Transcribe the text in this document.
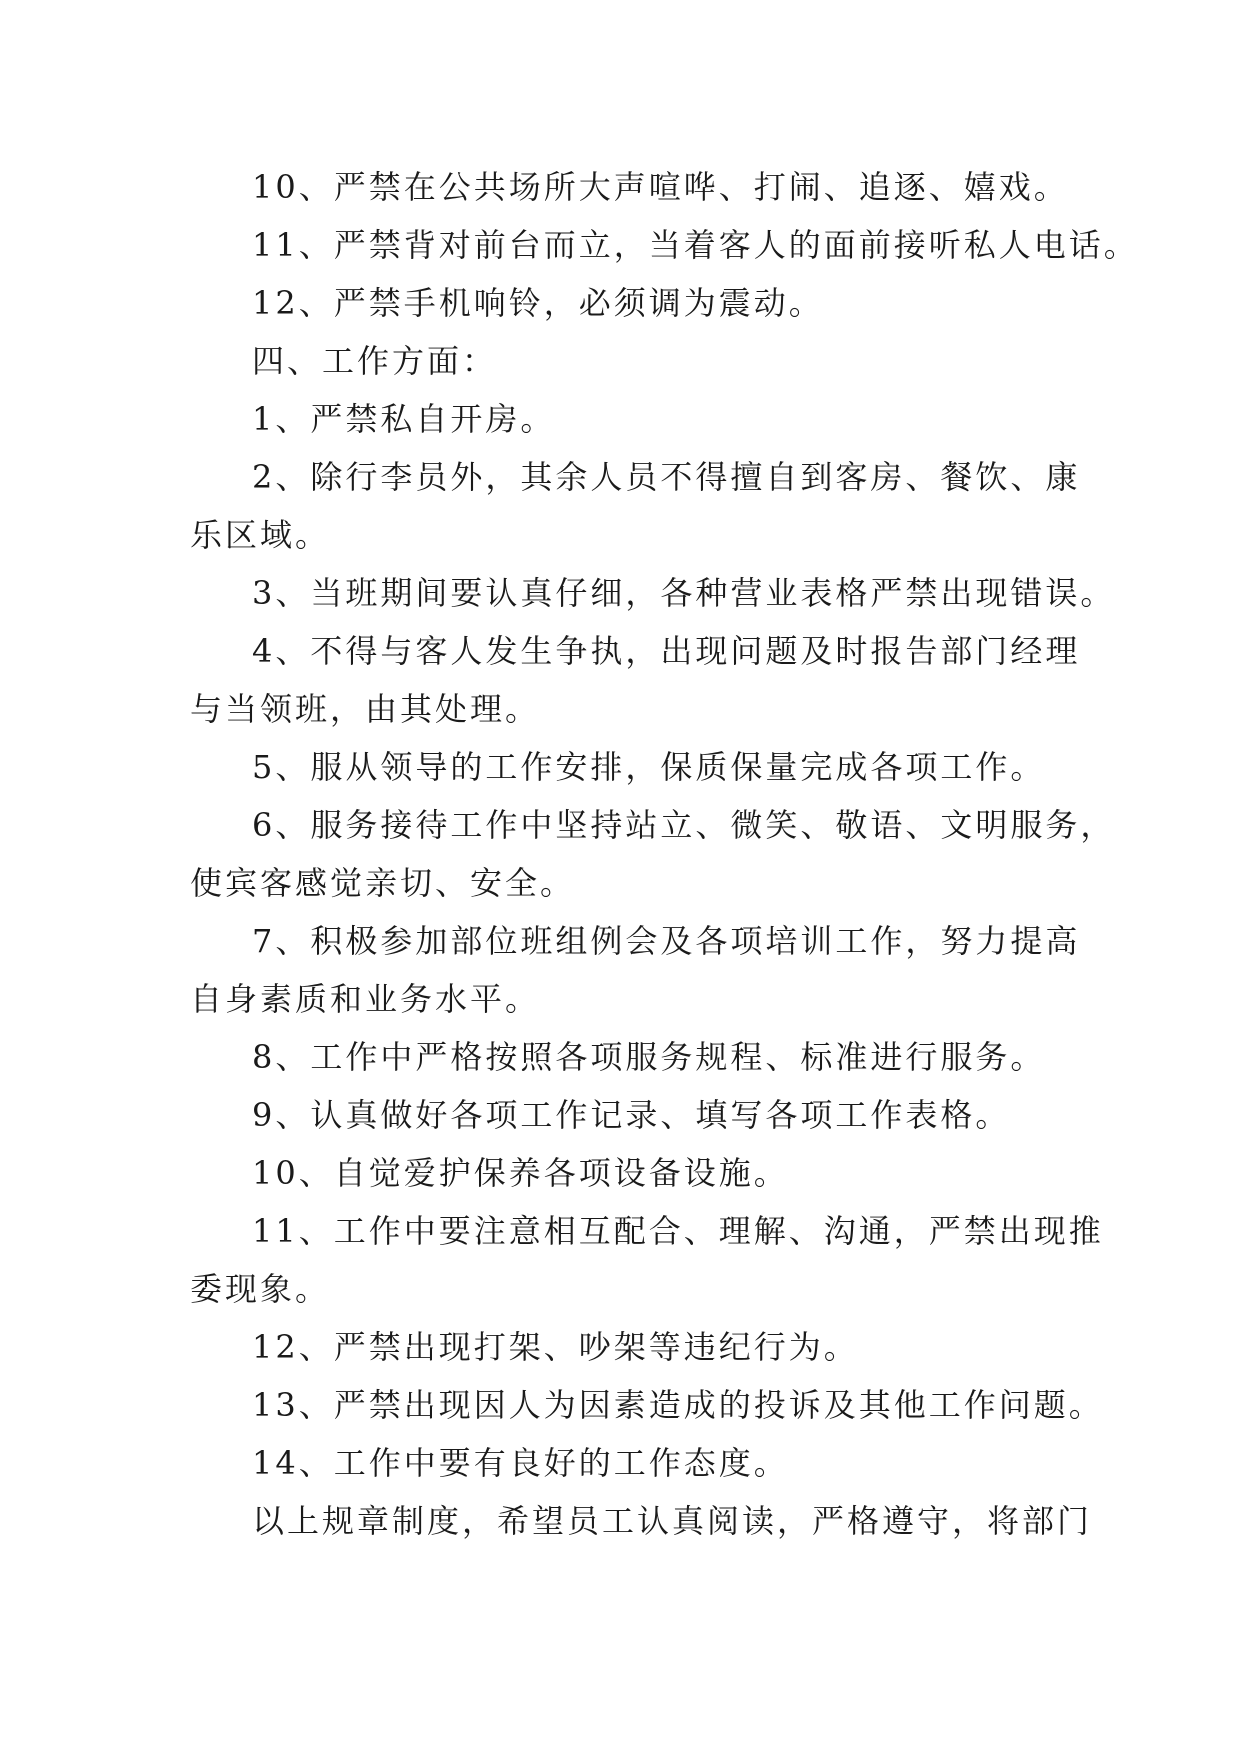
10、严禁在公共场所大声喧哗、打闹、追逐、嬉戏。

11、严禁背对前台而立，当着客人的面前接听私人电话。

12、严禁手机响铃，必须调为震动。

四、工作方面：

1、严禁私自开房。

2、除行李员外，其余人员不得擅自到客房、餐饮、康

乐区域。

3、当班期间要认真仔细，各种营业表格严禁出现错误。

4、不得与客人发生争执，出现问题及时报告部门经理

与当领班，由其处理。

5、服从领导的工作安排，保质保量完成各项工作。

6、服务接待工作中坚持站立、微笑、敬语、文明服务，

使宾客感觉亲切、安全。

7、积极参加部位班组例会及各项培训工作，努力提高

自身素质和业务水平。

8、工作中严格按照各项服务规程、标准进行服务。

9、认真做好各项工作记录、填写各项工作表格。

10、自觉爱护保养各项设备设施。

11、工作中要注意相互配合、理解、沟通，严禁出现推

委现象。

12、严禁出现打架、吵架等违纪行为。

13、严禁出现因人为因素造成的投诉及其他工作问题。

14、工作中要有良好的工作态度。

以上规章制度，希望员工认真阅读，严格遵守，将部门
